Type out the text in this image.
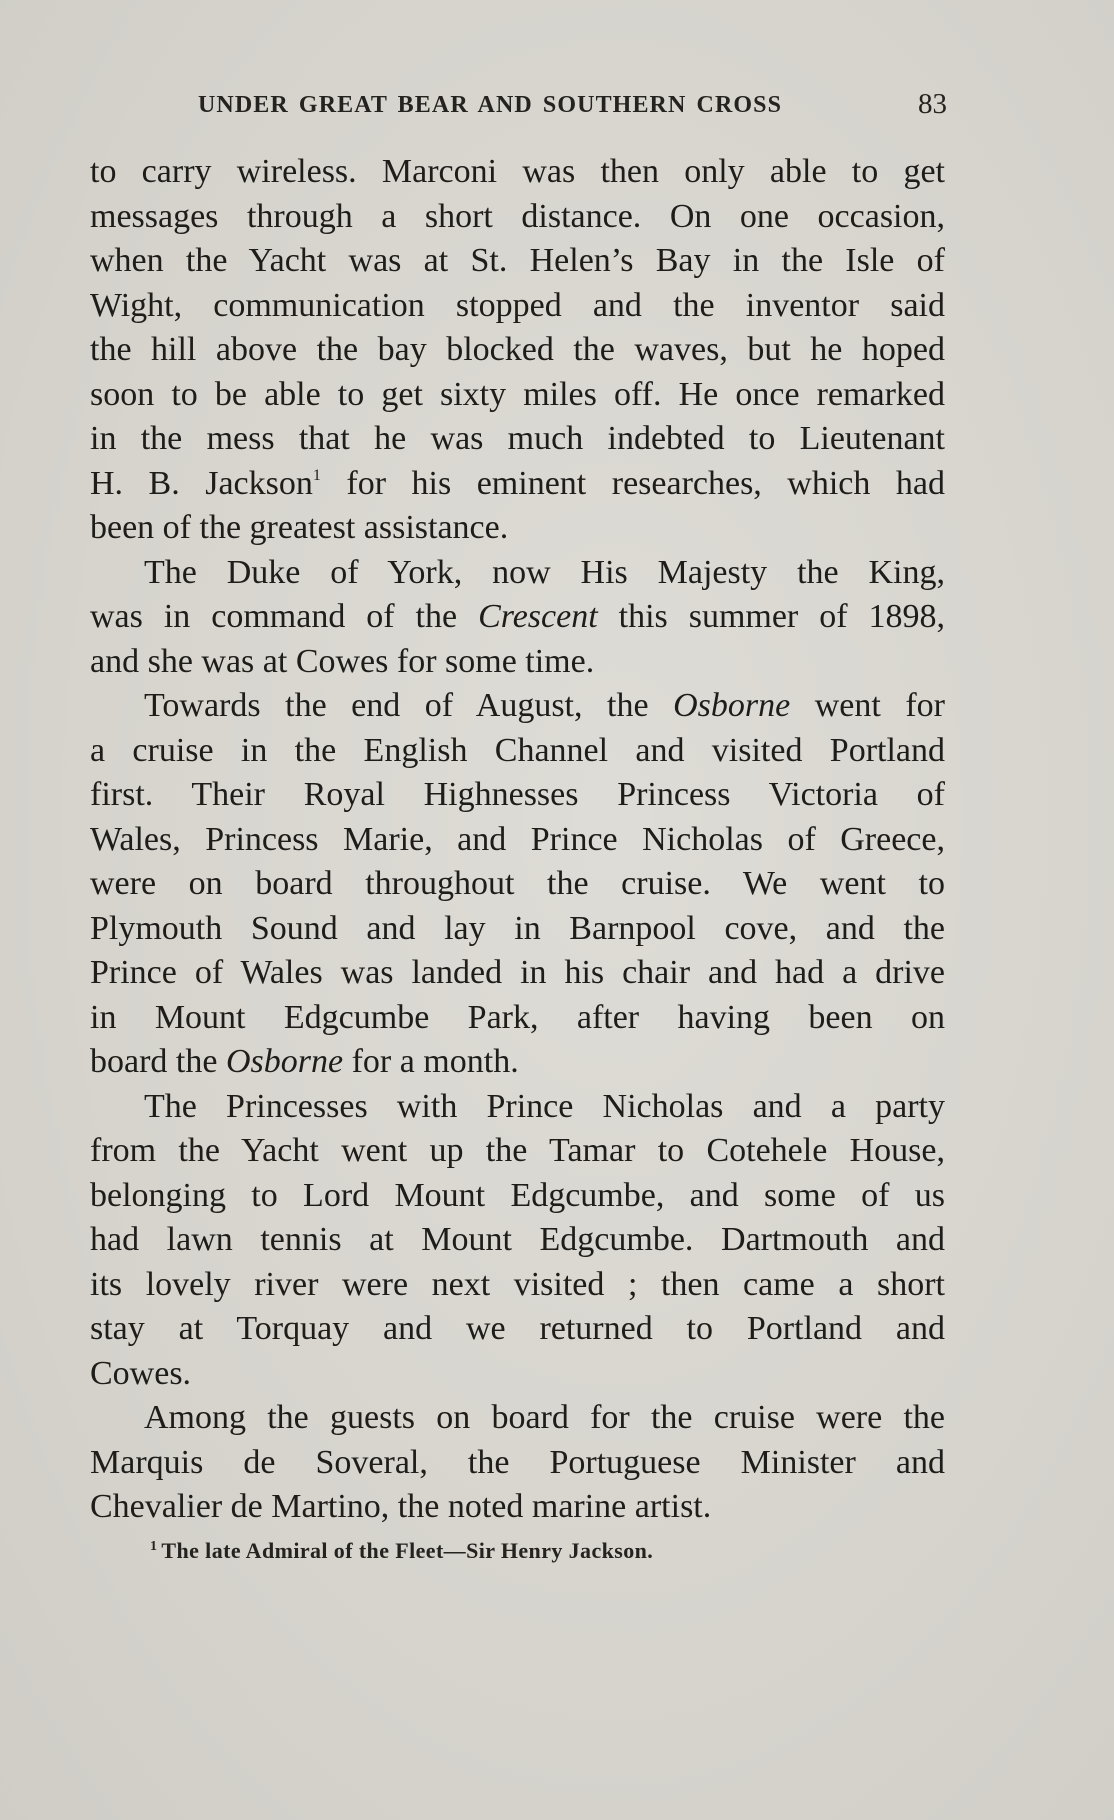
UNDER GREAT BEAR AND SOUTHERN CROSS	83
to carry wireless. Marconi was then only able to get
messages through a short distance. On one occasion,
when the Yacht was at St. Helen’s Bay in the Isle of
Wight, communication stopped and the inventor said
the hill above the bay blocked the waves, but he hoped
soon to be able to get sixty miles off. He once remarked
in the mess that he was much indebted to Lieutenant
H. B. Jackson$^1$ for his eminent researches, which had
been of the greatest assistance.
The Duke of York, now His Majesty the King,
was in command of the Crescent this summer of 1898,
and she was at Cowes for some time.
Towards the end of August, the Osborne went for
a cruise in the English Channel and visited Portland
first. Their Royal Highnesses Princess Victoria of
Wales, Princess Marie, and Prince Nicholas of Greece,
were on board throughout the cruise. We went to
Plymouth Sound and lay in Barnpool cove, and the
Prince of Wales was landed in his chair and had a drive
in Mount Edgcumbe Park, after having been on
board the Osborne for a month.
The Princesses with Prince Nicholas and a party
from the Yacht went up the Tamar to Cotehele House,
belonging to Lord Mount Edgcumbe, and some of us
had lawn tennis at Mount Edgcumbe. Dartmouth and
its lovely river were next visited ; then came a short
stay at Torquay and we returned to Portland and
Cowes.
Among the guests on board for the cruise were the
Marquis de Soveral, the Portuguese Minister and
Chevalier de Martino, the noted marine artist.
$^1$ The late Admiral of the Fleet—Sir Henry Jackson.
